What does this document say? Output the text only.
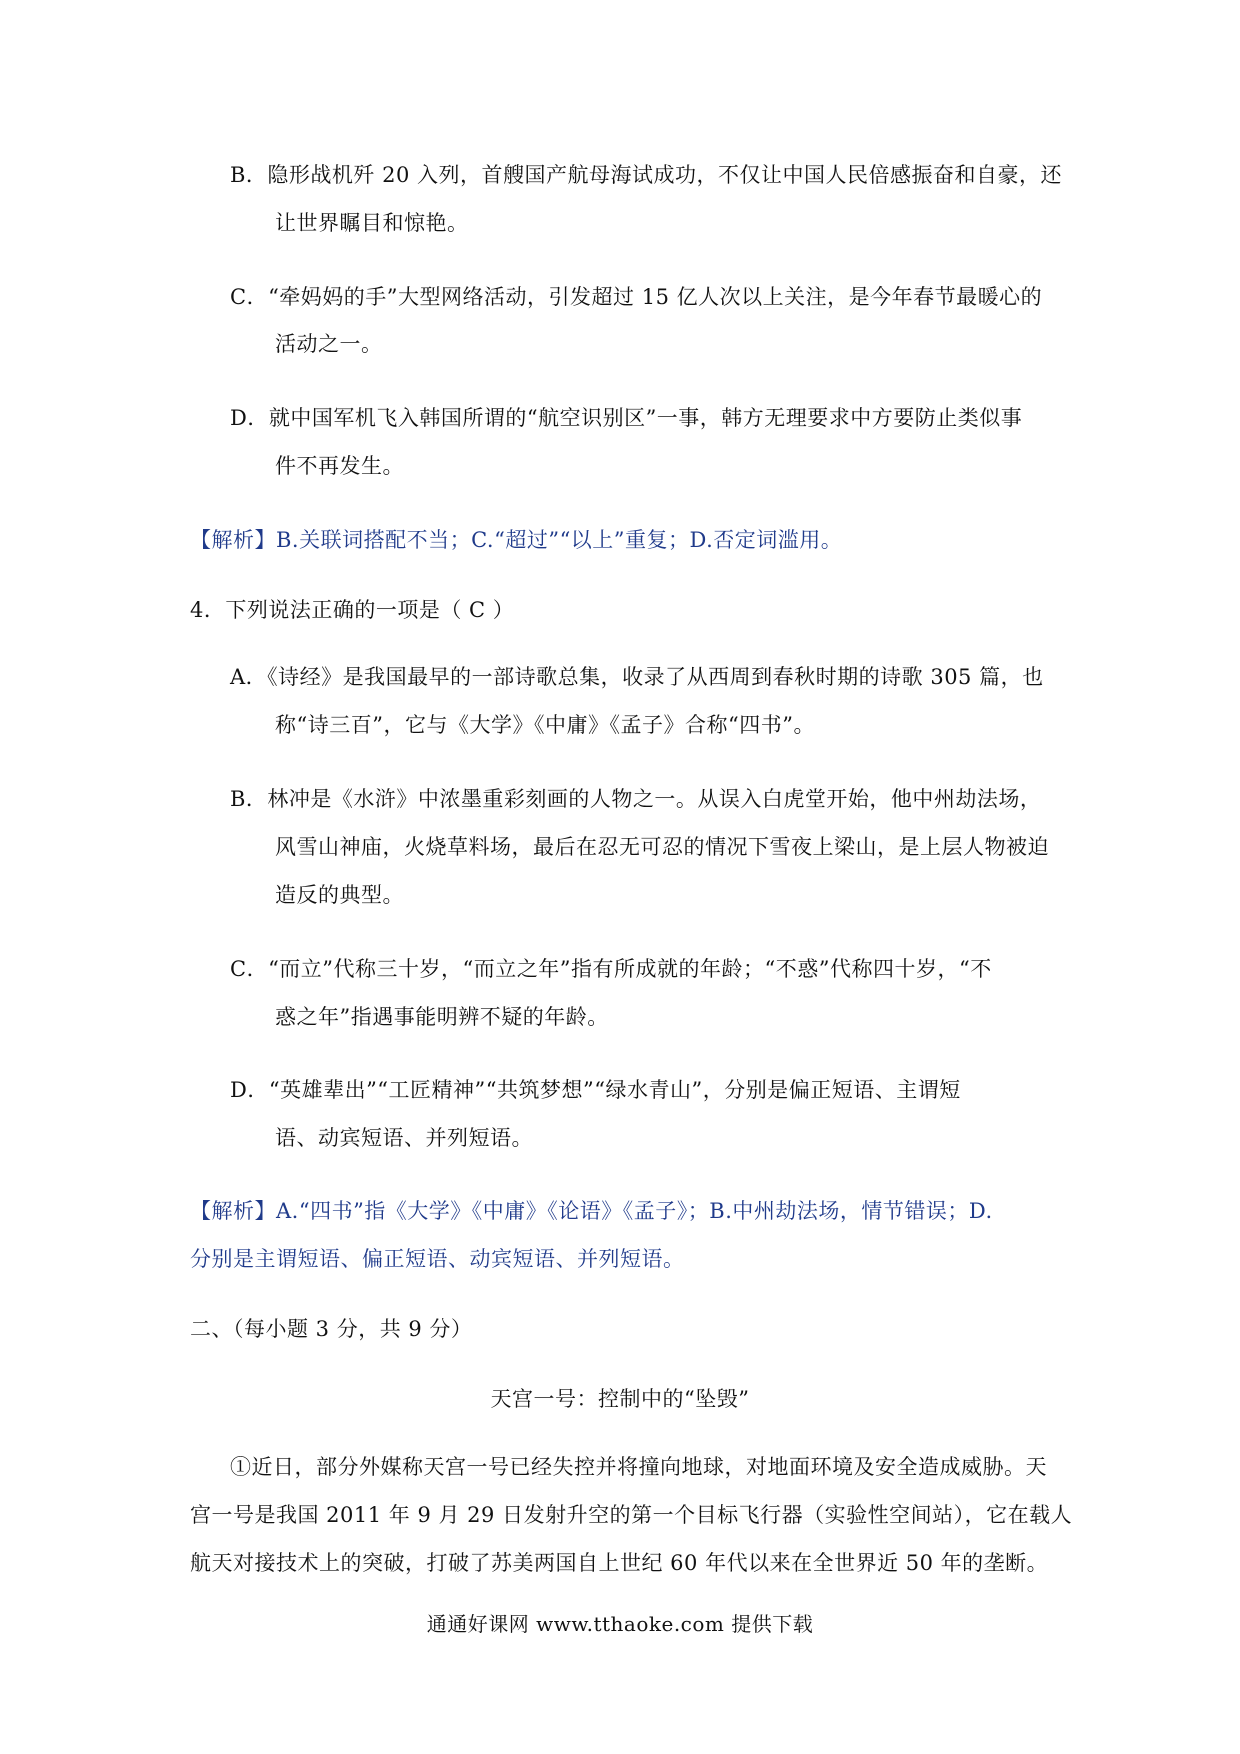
B．隐形战机歼 20 入列，首艘国产航母海试成功，不仅让中国人民倍感振奋和自豪，还
让世界瞩目和惊艳。
C．“牵妈妈的手”大型网络活动，引发超过 15 亿人次以上关注，是今年春节最暖心的
活动之一。
D．就中国军机飞入韩国所谓的“航空识别区”一事，韩方无理要求中方要防止类似事
件不再发生。
【解析】B.关联词搭配不当；C.“超过”“以上”重复；D.否定词滥用。
4．下列说法正确的一项是（ C ）
A．《诗经》是我国最早的一部诗歌总集，收录了从西周到春秋时期的诗歌 305 篇，也
称“诗三百”，它与《大学》《中庸》《孟子》合称“四书”。
B．林冲是《水浒》中浓墨重彩刻画的人物之一。从误入白虎堂开始，他中州劫法场，
风雪山神庙，火烧草料场，最后在忍无可忍的情况下雪夜上梁山，是上层人物被迫
造反的典型。
C．“而立”代称三十岁，“而立之年”指有所成就的年龄；“不惑”代称四十岁，“不
惑之年”指遇事能明辨不疑的年龄。
D．“英雄辈出”“工匠精神”“共筑梦想”“绿水青山”，分别是偏正短语、主谓短
语、动宾短语、并列短语。
【解析】A.“四书”指《大学》《中庸》《论语》《孟子》；B.中州劫法场，情节错误；D.
分别是主谓短语、偏正短语、动宾短语、并列短语。
二、（每小题 3 分，共 9 分）
天宫一号：控制中的“坠毁”
①近日，部分外媒称天宫一号已经失控并将撞向地球，对地面环境及安全造成威胁。天
宫一号是我国 2011 年 9 月 29 日发射升空的第一个目标飞行器（实验性空间站），它在载人
航天对接技术上的突破，打破了苏美两国自上世纪 60 年代以来在全世界近 50 年的垄断。
通通好课网 www.tthaoke.com 提供下载
